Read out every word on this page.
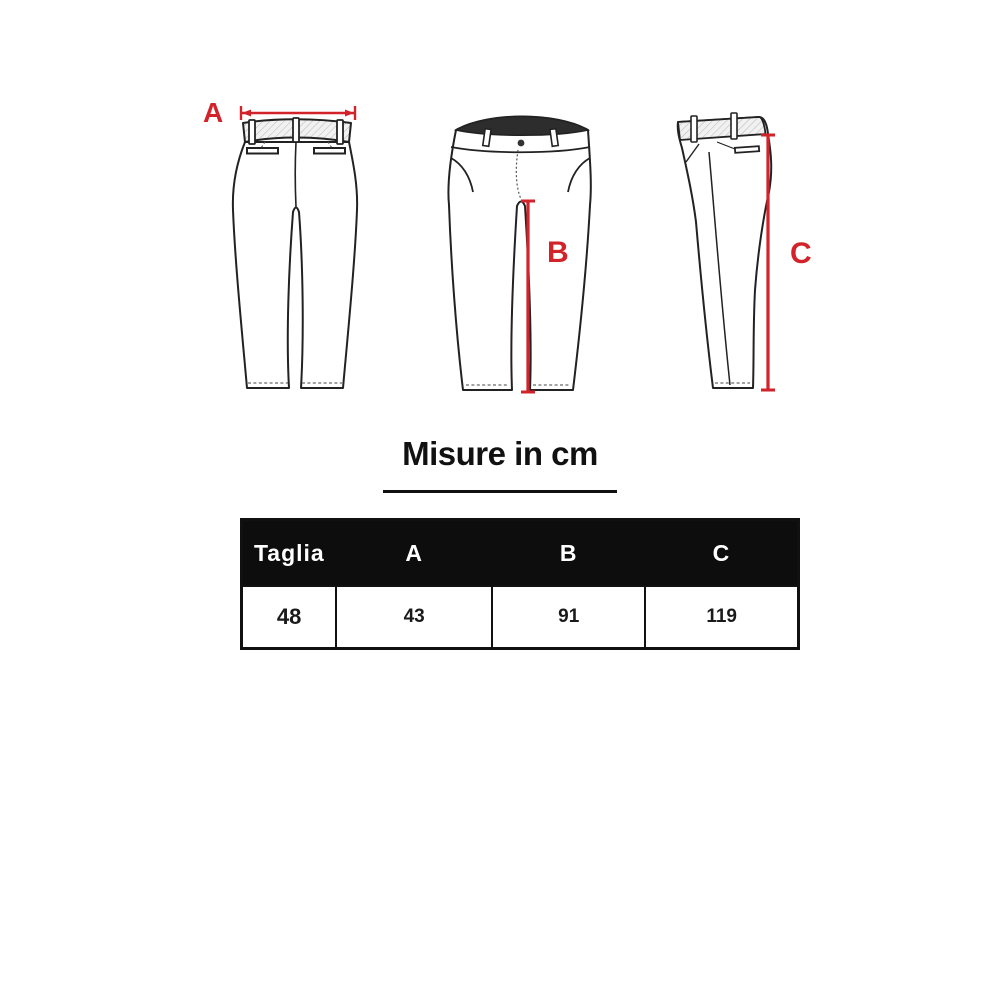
A
B	C
Misure in cm
Taglia	A	B	C
48	43	91	119
